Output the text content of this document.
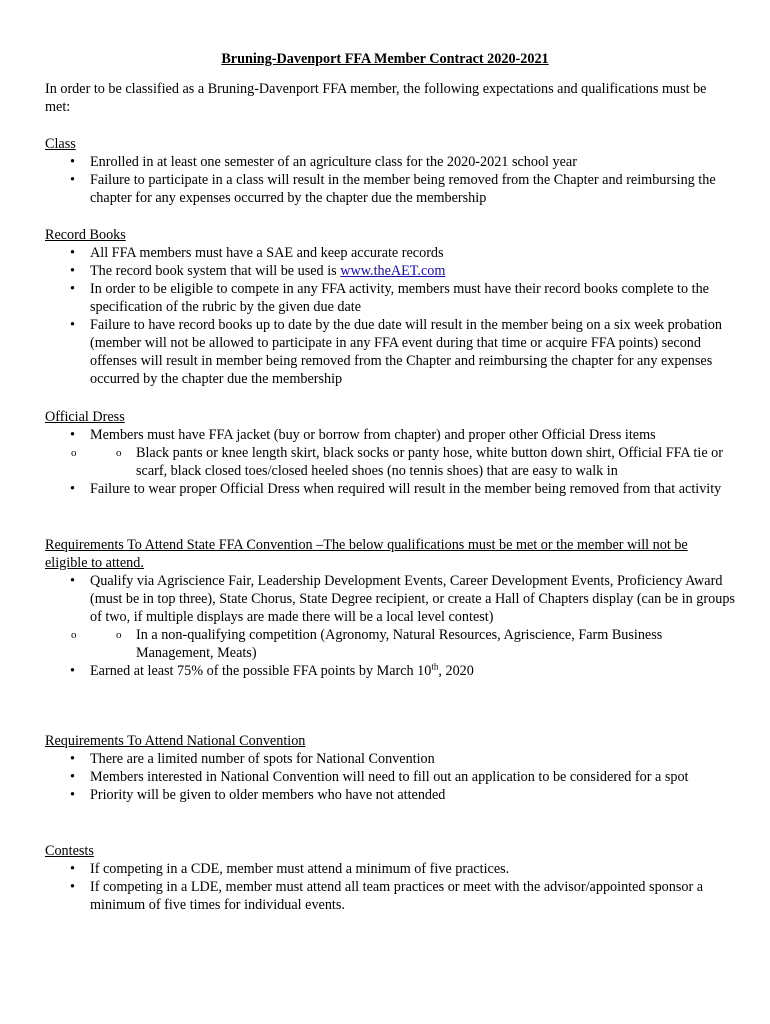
Bruning-Davenport FFA Member Contract 2020-2021
In order to be classified as a Bruning-Davenport FFA member, the following expectations and qualifications must be met:
Class
• Enrolled in at least one semester of an agriculture class for the 2020-2021 school year
• Failure to participate in a class will result in the member being removed from the Chapter and reimbursing the chapter for any expenses occurred by the chapter due the membership
Record Books
• All FFA members must have a SAE and keep accurate records
• The record book system that will be used is www.theAET.com
• In order to be eligible to compete in any FFA activity, members must have their record books complete to the specification of the rubric by the given due date
• Failure to have record books up to date by the due date will result in the member being on a six week probation (member will not be allowed to participate in any FFA event during that time or acquire FFA points) second offenses will result in member being removed from the Chapter and reimbursing the chapter for any expenses occurred by the chapter due the membership
Official Dress
• Members must have FFA jacket (buy or borrow from chapter) and proper other Official Dress items
o o Black pants or knee length skirt, black socks or panty hose, white button down shirt, Official FFA tie or scarf, black closed toes/closed heeled shoes (no tennis shoes) that are easy to walk in
• Failure to wear proper Official Dress when required will result in the member being removed from that activity
Requirements To Attend State FFA Convention –The below qualifications must be met or the member will not be eligible to attend.
• Qualify via Agriscience Fair, Leadership Development Events, Career Development Events, Proficiency Award (must be in top three), State Chorus, State Degree recipient, or create a Hall of Chapters display (can be in groups of two, if multiple displays are made there will be a local level contest)
o o In a non-qualifying competition (Agronomy, Natural Resources, Agriscience, Farm Business Management, Meats)
• Earned at least 75% of the possible FFA points by March 10th, 2020
Requirements To Attend National Convention
• There are a limited number of spots for National Convention
• Members interested in National Convention will need to fill out an application to be considered for a spot
• Priority will be given to older members who have not attended
Contests
• If competing in a CDE, member must attend a minimum of five practices.
• If competing in a LDE, member must attend all team practices or meet with the advisor/appointed sponsor a minimum of five times for individual events.
